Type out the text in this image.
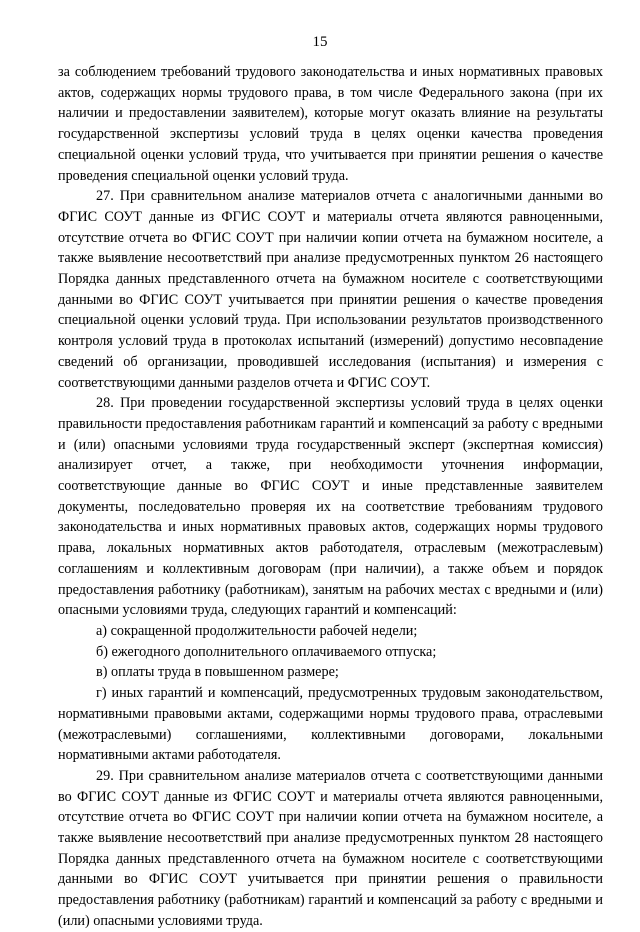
15

за соблюдением требований трудового законодательства и иных нормативных правовых актов, содержащих нормы трудового права, в том числе Федерального закона (при их наличии и предоставлении заявителем), которые могут оказать влияние на результаты государственной экспертизы условий труда в целях оценки качества проведения специальной оценки условий труда, что учитывается при принятии решения о качестве проведения специальной оценки условий труда.

27. При сравнительном анализе материалов отчета с аналогичными данными во ФГИС СОУТ данные из ФГИС СОУТ и материалы отчета являются равноценными, отсутствие отчета во ФГИС СОУТ при наличии копии отчета на бумажном носителе, а также выявление несоответствий при анализе предусмотренных пунктом 26 настоящего Порядка данных представленного отчета на бумажном носителе с соответствующими данными во ФГИС СОУТ учитывается при принятии решения о качестве проведения специальной оценки условий труда. При использовании результатов производственного контроля условий труда в протоколах испытаний (измерений) допустимо несовпадение сведений об организации, проводившей исследования (испытания) и измерения с соответствующими данными разделов отчета и ФГИС СОУТ.

28. При проведении государственной экспертизы условий труда в целях оценки правильности предоставления работникам гарантий и компенсаций за работу с вредными и (или) опасными условиями труда государственный эксперт (экспертная комиссия) анализирует отчет, а также, при необходимости уточнения информации, соответствующие данные во ФГИС СОУТ и иные представленные заявителем документы, последовательно проверяя их на соответствие требованиям трудового законодательства и иных нормативных правовых актов, содержащих нормы трудового права, локальных нормативных актов работодателя, отраслевым (межотраслевым) соглашениям и коллективным договорам (при наличии), а также объем и порядок предоставления работнику (работникам), занятым на рабочих местах с вредными и (или) опасными условиями труда, следующих гарантий и компенсаций:

а) сокращенной продолжительности рабочей недели;

б) ежегодного дополнительного оплачиваемого отпуска;

в) оплаты труда в повышенном размере;

г) иных гарантий и компенсаций, предусмотренных трудовым законодательством, нормативными правовыми актами, содержащими нормы трудового права, отраслевыми (межотраслевыми) соглашениями, коллективными договорами, локальными нормативными актами работодателя.

29. При сравнительном анализе материалов отчета с соответствующими данными во ФГИС СОУТ данные из ФГИС СОУТ и материалы отчета являются равноценными, отсутствие отчета во ФГИС СОУТ при наличии копии отчета на бумажном носителе, а также выявление несоответствий при анализе предусмотренных пунктом 28 настоящего Порядка данных представленного отчета на бумажном носителе с соответствующими данными во ФГИС СОУТ учитывается при принятии решения о правильности предоставления работнику (работникам) гарантий и компенсаций за работу с вредными и (или) опасными условиями труда.
